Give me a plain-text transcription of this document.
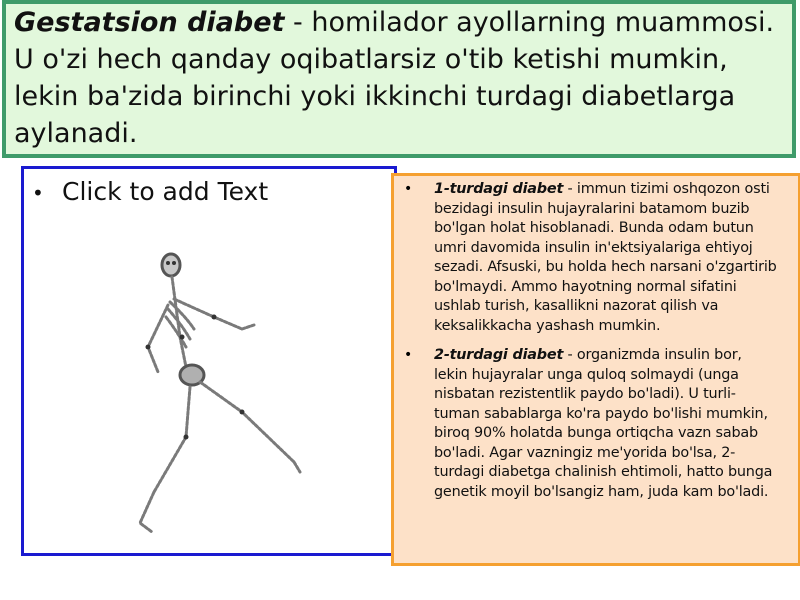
Gestatsion diabet - homilador ayollarning muammosi. U o'zi hech qanday oqibatlarsiz o'tib ketishi mumkin, lekin ba'zida birinchi yoki ikkinchi turdagi diabetlarga aylanadi.

• Click to add Text	•	1-turdagi diabet - immun tizimi oshqozon osti bezidagi insulin hujayralarini batamom buzib bo'lgan holat hisoblanadi. Bunda odam butun umri davomida insulin in'ektsiyalariga ehtiyoj sezadi. Afsuski, bu holda hech narsani o'zgartirib bo'lmaydi. Ammo hayotning normal sifatini ushlab turish, kasallikni nazorat qilish va keksalikkacha yashash mumkin.

•	2-turdagi diabet - organizmda insulin bor, lekin hujayralar unga quloq solmaydi (unga nisbatan rezistentlik paydo bo'ladi). U turli-tuman sabablarga ko'ra paydo bo'lishi mumkin, biroq 90% holatda bunga ortiqcha vazn sabab bo'ladi. Agar vazningiz me'yorida bo'lsa, 2-turdagi diabetga chalinish ehtimoli, hatto bunga genetik moyil bo'lsangiz ham, juda kam bo'ladi.
